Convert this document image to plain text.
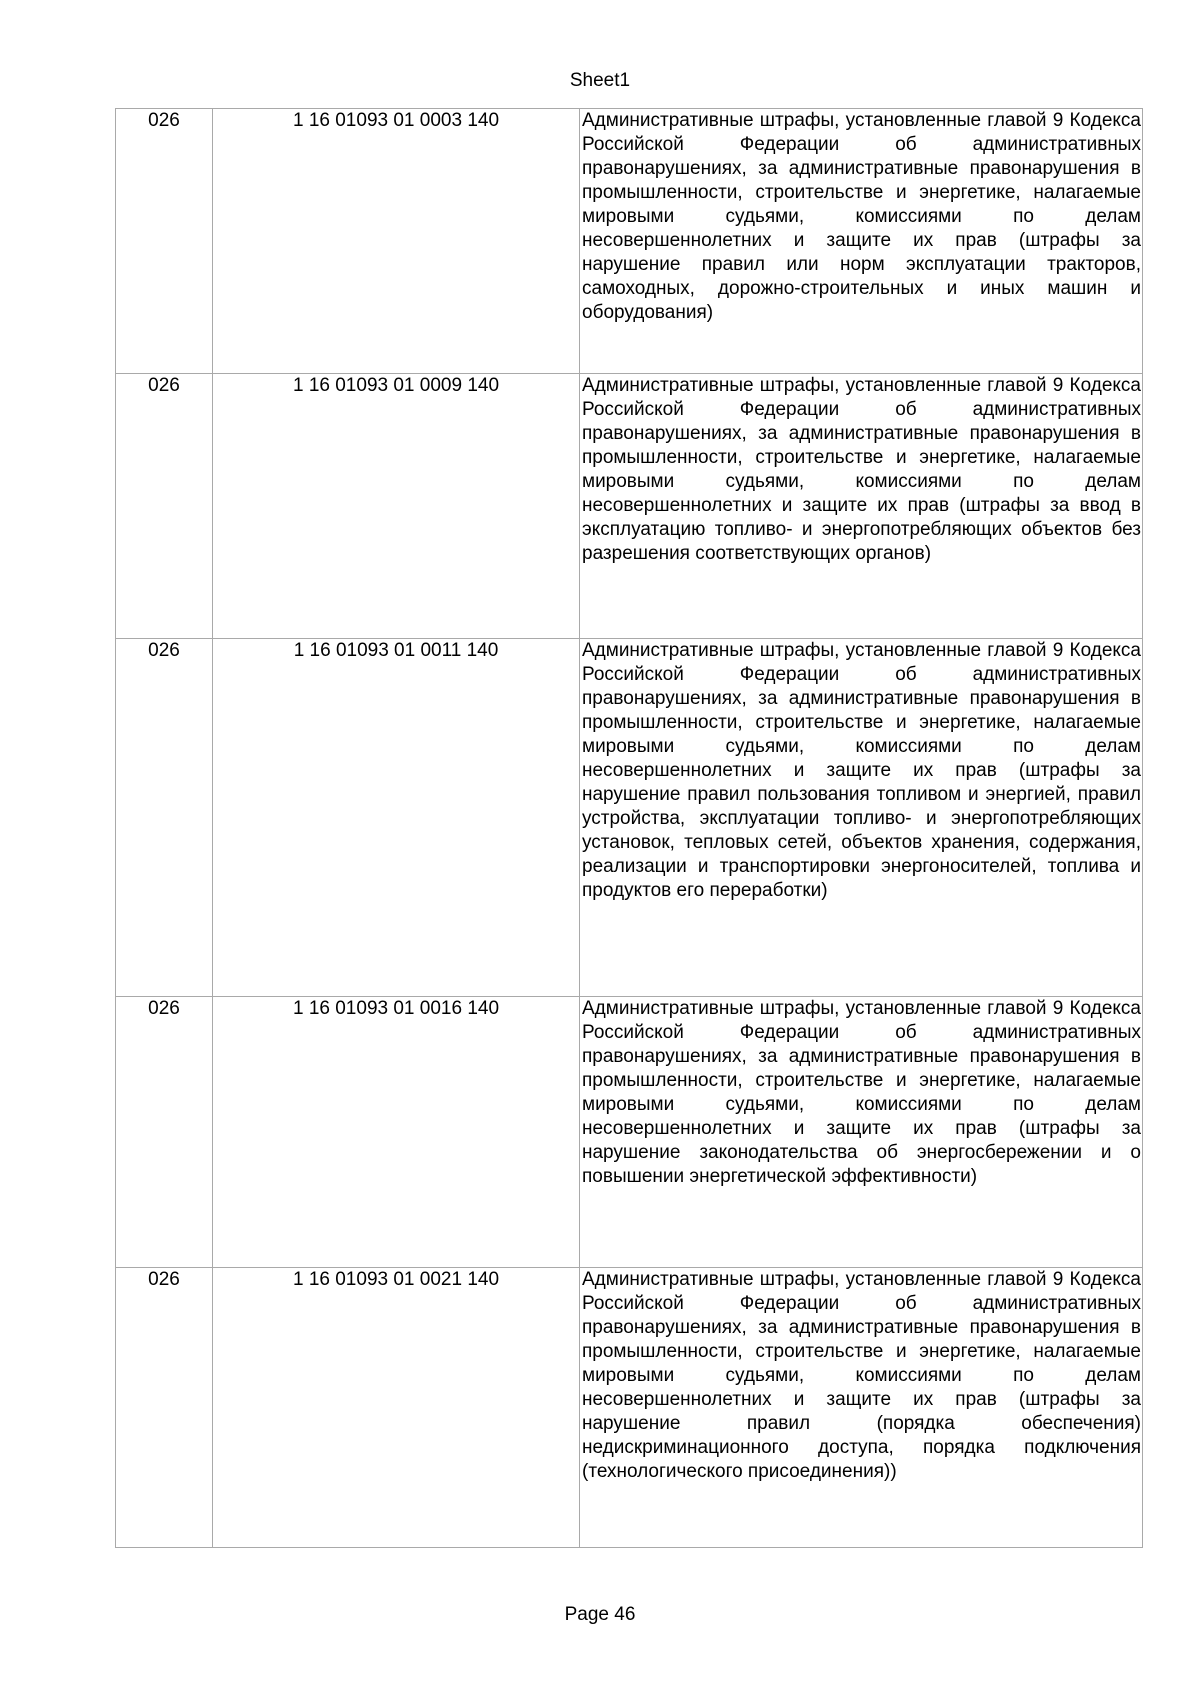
Sheet1
026	1 16 01093 01 0003 140	Административные штрафы, установленные главой 9 Кодекса Российской Федерации об административных правонарушениях, за административные правонарушения в промышленности, строительстве и энергетике, налагаемые мировыми судьями, комиссиями по делам несовершеннолетних и защите их прав (штрафы за нарушение правил или норм эксплуатации тракторов, самоходных, дорожно-строительных и иных машин и оборудования)
026	1 16 01093 01 0009 140	Административные штрафы, установленные главой 9 Кодекса Российской Федерации об административных правонарушениях, за административные правонарушения в промышленности, строительстве и энергетике, налагаемые мировыми судьями, комиссиями по делам несовершеннолетних и защите их прав (штрафы за ввод в эксплуатацию топливо- и энергопотребляющих объектов без разрешения соответствующих органов)
026	1 16 01093 01 0011 140	Административные штрафы, установленные главой 9 Кодекса Российской Федерации об административных правонарушениях, за административные правонарушения в промышленности, строительстве и энергетике, налагаемые мировыми судьями, комиссиями по делам несовершеннолетних и защите их прав (штрафы за нарушение правил пользования топливом и энергией, правил устройства, эксплуатации топливо- и энергопотребляющих установок, тепловых сетей, объектов хранения, содержания, реализации и транспортировки энергоносителей, топлива и продуктов его переработки)
026	1 16 01093 01 0016 140	Административные штрафы, установленные главой 9 Кодекса Российской Федерации об административных правонарушениях, за административные правонарушения в промышленности, строительстве и энергетике, налагаемые мировыми судьями, комиссиями по делам несовершеннолетних и защите их прав (штрафы за нарушение законодательства об энергосбережении и о повышении энергетической эффективности)
026	1 16 01093 01 0021 140	Административные штрафы, установленные главой 9 Кодекса Российской Федерации об административных правонарушениях, за административные правонарушения в промышленности, строительстве и энергетике, налагаемые мировыми судьями, комиссиями по делам несовершеннолетних и защите их прав (штрафы за нарушение правил (порядка обеспечения) недискриминационного доступа, порядка подключения (технологического присоединения))
Page 46
